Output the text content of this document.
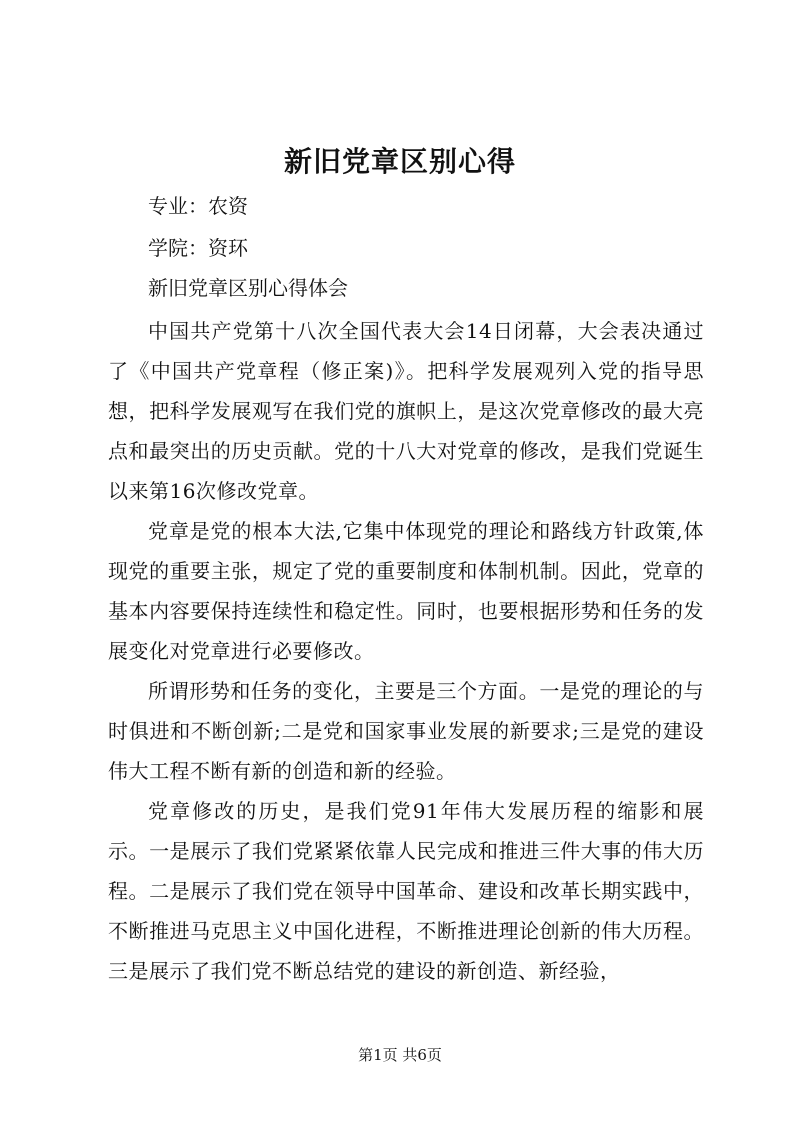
新旧党章区别心得
专业：农资
学院：资环
新旧党章区别心得体会

中国共产党第十八次全国代表大会14日闭幕，大会表决通过了《中国共产党章程（修正案)》。把科学发展观列入党的指导思想，把科学发展观写在我们党的旗帜上，是这次党章修改的最大亮点和最突出的历史贡献。党的十八大对党章的修改，是我们党诞生以来第16次修改党章。

党章是党的根本大法,它集中体现党的理论和路线方针政策,体现党的重要主张，规定了党的重要制度和体制机制。因此，党章的基本内容要保持连续性和稳定性。同时，也要根据形势和任务的发展变化对党章进行必要修改。

所谓形势和任务的变化，主要是三个方面。一是党的理论的与时俱进和不断创新;二是党和国家事业发展的新要求;三是党的建设伟大工程不断有新的创造和新的经验。

党章修改的历史，是我们党91年伟大发展历程的缩影和展示。一是展示了我们党紧紧依靠人民完成和推进三件大事的伟大历程。二是展示了我们党在领导中国革命、建设和改革长期实践中，不断推进马克思主义中国化进程，不断推进理论创新的伟大历程。三是展示了我们党不断总结党的建设的新创造、新经验，

第1页 共6页
